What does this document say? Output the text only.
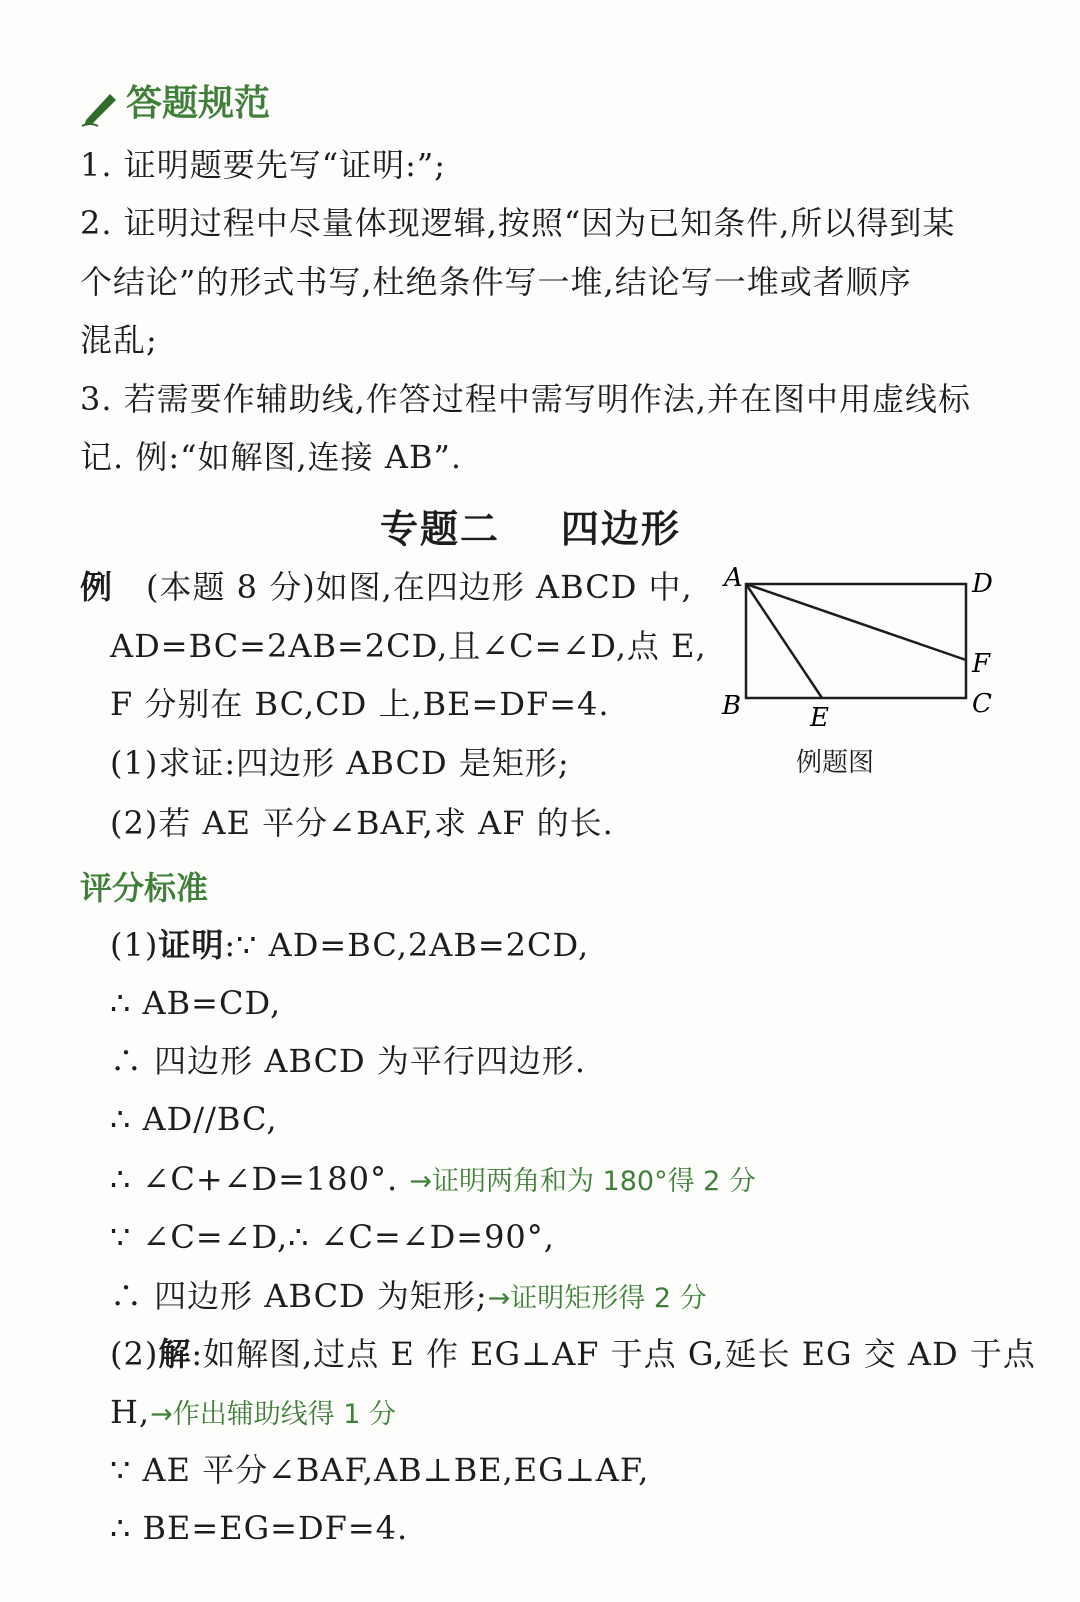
答题规范
1. 证明题要先写“证明:”;
2. 证明过程中尽量体现逻辑,按照“因为已知条件,所以得到某
个结论”的形式书写,杜绝条件写一堆,结论写一堆或者顺序
混乱;
3. 若需要作辅助线,作答过程中需写明作法,并在图中用虚线标
记. 例:“如解图,连接 AB”.
专题二    四边形
例 (本题 8 分)如图,在四边形 ABCD 中,
AD=BC=2AB=2CD,且∠C=∠D,点 E,
F 分别在 BC,CD 上,BE=DF=4.
(1)求证:四边形 ABCD 是矩形;
(2)若 AE 平分∠BAF,求 AF 的长.
A	D
F
B	E	C
例题图
评分标准
(1)证明:∵ AD=BC,2AB=2CD,
∴ AB=CD,
∴ 四边形 ABCD 为平行四边形.
∴ AD//BC,
∴ ∠C+∠D=180°. →证明两角和为 180°得 2 分
∵ ∠C=∠D,∴ ∠C=∠D=90°,
∴ 四边形 ABCD 为矩形;→证明矩形得 2 分
(2)解:如解图,过点 E 作 EG⊥AF 于点 G,延长 EG 交 AD 于点
H,→作出辅助线得 1 分
∵ AE 平分∠BAF,AB⊥BE,EG⊥AF,
∴ BE=EG=DF=4.
